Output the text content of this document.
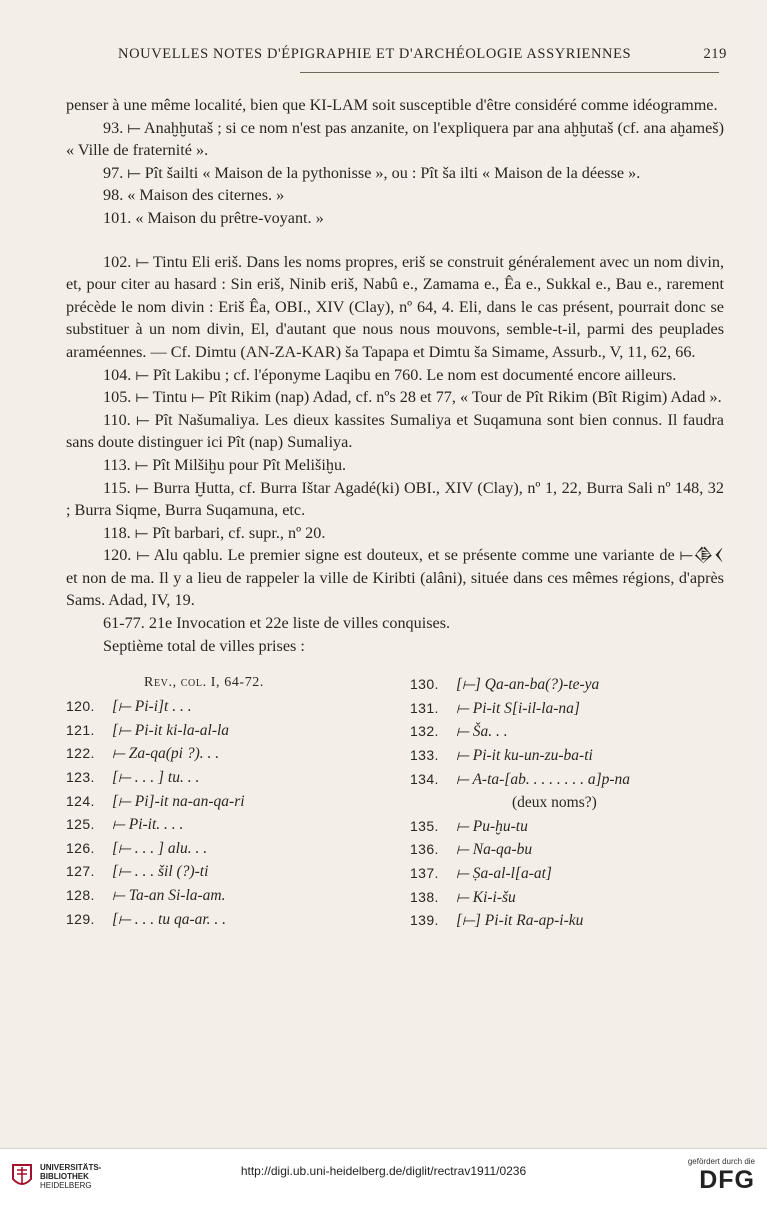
NOUVELLES NOTES D'ÉPIGRAPHIE ET D'ARCHÉOLOGIE ASSYRIENNES	219

penser à une même localité, bien que KI-LAM soit susceptible d'être considéré comme idéogramme.

93. ⟝ Anaḫḫutaš ; si ce nom n'est pas anzanite, on l'expliquera par ana aḫḫutaš (cf. ana aḫameš) « Ville de fraternité ».

97. ⟝ Pît šailti « Maison de la pythonisse », ou : Pît ša ilti « Maison de la déesse ».

98. « Maison des citernes. »

101. « Maison du prêtre-voyant. »

102. ⟝ Tintu Eli eriš. Dans les noms propres, eriš se construit généralement avec un nom divin, et, pour citer au hasard : Sin eriš, Ninib eriš, Nabû e., Zamama e., Êa e., Sukkal e., Bau e., rarement précède le nom divin : Eriš Êa, OBI., XIV (Clay), nº 64, 4. Eli, dans le cas présent, pourrait donc se substituer à un nom divin, El, d'autant que nous nous mouvons, semble-t-il, parmi des peuplades araméennes. — Cf. Dimtu (AN-ZA-KAR) ša Tapapa et Dimtu ša Simame, Assurb., V, 11, 62, 66.

104. ⟝ Pît Lakibu ; cf. l'éponyme Laqibu en 760. Le nom est documenté encore ailleurs.

105. ⟝ Tintu ⟝ Pît Rikim (nap) Adad, cf. nºs 28 et 77, « Tour de Pît Rikim (Bît Rigim) Adad ».

110. ⟝ Pît Našumaliya. Les dieux kassites Sumaliya et Suqamuna sont bien connus. Il faudra sans doute distinguer ici Pît (nap) Sumaliya.

113. ⟝ Pît Milšiḫu pour Pît Melišiḫu.

115. ⟝ Burra Ḫutta, cf. Burra Ištar Agadé(ki) OBI., XIV (Clay), nº 1, 22, Burra Sali nº 148, 32 ; Burra Siqme, Burra Suqamuna, etc.

118. ⟝ Pît barbari, cf. supr., nº 20.

120. ⟝ Alu qablu. Le premier signe est douteux, et se présente comme une variante de ⟝𒆠𒌋 et non de ma. Il y a lieu de rappeler la ville de Kiribti (alâni), située dans ces mêmes régions, d'après Sams. Adad, IV, 19.

61-77. 21e Invocation et 22e liste de villes conquises.

Septième total de villes prises :

Rev., col. I, 64-72.
120. [⟝ Pi-i]t . . .
121. [⟝ Pi-it ki-la-al-la
122. ⟝ Za-qa(pi ?). . .
123. [⟝ . . . ] tu. . .
124. [⟝ Pi]-it na-an-qa-ri
125. ⟝ Pi-it. . . .
126. [⟝ . . . ] alu. . .
127. [⟝ . . . šil (?)-ti
128. ⟝ Ta-an Si-la-am.
129. [⟝ . . . tu qa-ar. . .
130. [⟝] Qa-an-ba(?)-te-ya
131. ⟝ Pi-it S[i-il-la-na]
132. ⟝ Ša. . .
133. ⟝ Pi-it ku-un-zu-ba-ti
134. ⟝ A-ta-[ab. . . . . . . . a]p-na
(deux noms?)
135. ⟝ Pu-ḫu-tu
136. ⟝ Na-qa-bu
137. ⟝ Ṣa-al-l[a-at]
138. ⟝ Ki-i-šu
139. [⟝] Pi-it Ra-ap-i-ku
UNIVERSITÄTS-
BIBLIOTHEK
HEIDELBERG
http://digi.ub.uni-heidelberg.de/diglit/rectrav1911/0236
gefördert durch die
DFG
